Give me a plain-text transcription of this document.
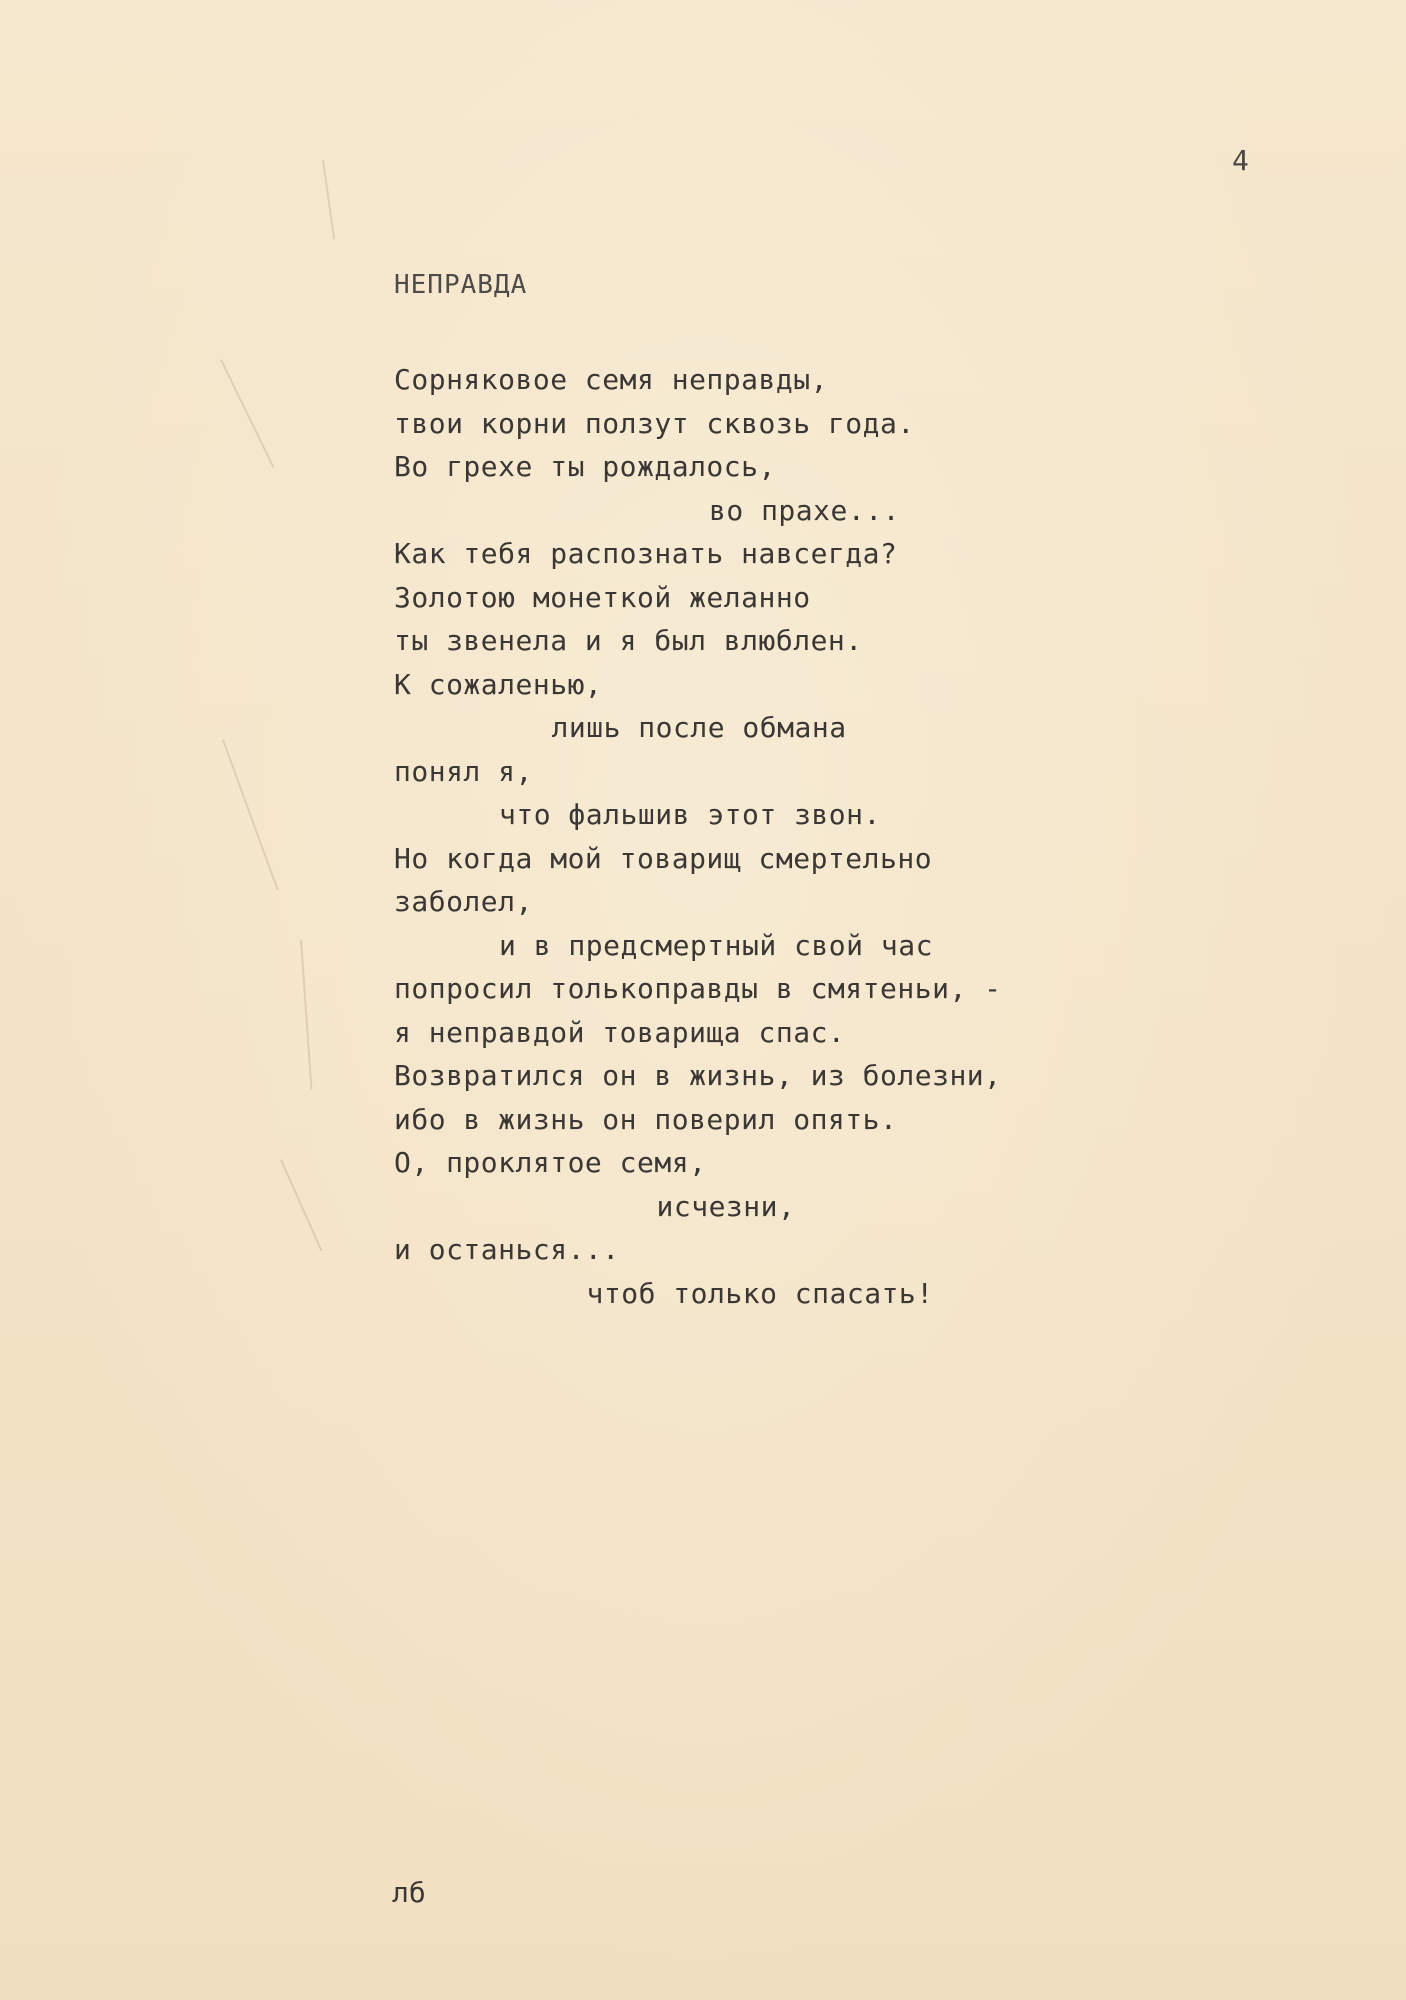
4

НЕПРАВДА
Сорняковое семя неправды,
твои корни ползут сквозь года.
Во грехе ты рождалось,
во прахе...
Как тебя распознать навсегда?
Золотою монеткой желанно
ты звенела и я был влюблен.
К сожаленью,
лишь после обмана
понял я,
что фальшив этот звон.
Но когда мой товарищ смертельно
заболел,
и в предсмертный свой час
попросил толькоправды в смятеньи, -
я неправдой товарища спас.
Возвратился он в жизнь, из болезни,
ибо в жизнь он поверил опять.
О, проклятое семя,
исчезни,
и останься...
чтоб только спасать!

лб
